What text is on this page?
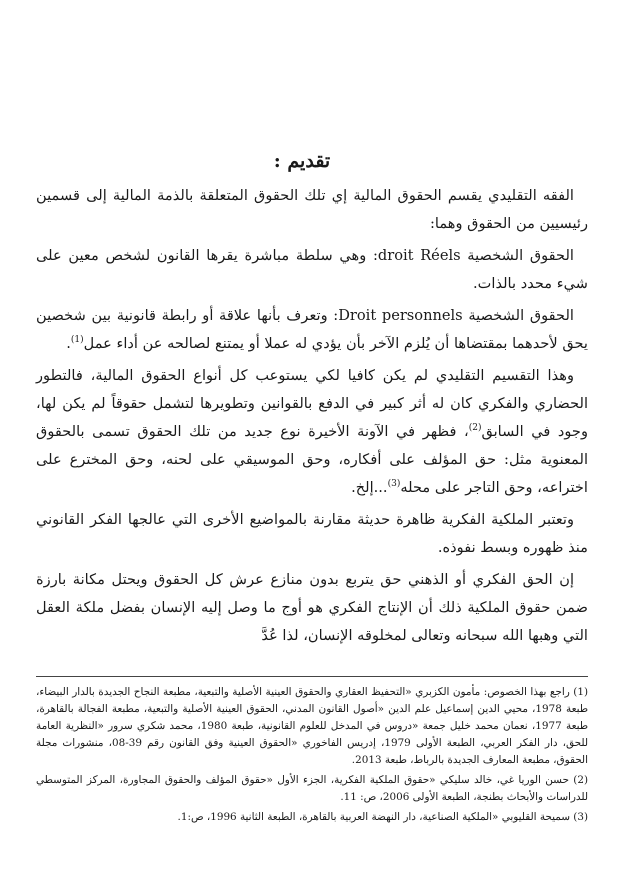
تقديم :

الفقه التقليدي يقسم الحقوق المالية إي تلك الحقوق المتعلقة بالذمة المالية إلى قسمين رئيسيين من الحقوق وهما:

الحقوق الشخصية droit Réels: وهي سلطة مباشرة يقرها القانون لشخص معين على شيء محدد بالذات.

الحقوق الشخصية Droit personnels: وتعرف بأنها علاقة أو رابطة قانونية بين شخصين يحق لأحدهما بمقتضاها أن يُلزم الآخر بأن يؤدي له عملا أو يمتنع لصالحه عن أداء عمل$^{(1)}$.

وهذا التقسيم التقليدي لم يكن كافيا لكي يستوعب كل أنواع الحقوق المالية، فالتطور الحضاري والفكري كان له أثر كبير في الدفع بالقوانين وتطويرها لتشمل حقوقاً لم يكن لها، وجود في السابق$^{(2)}$، فظهر في الآونة الأخيرة نوع جديد من تلك الحقوق تسمى بالحقوق المعنوية مثل: حق المؤلف على أفكاره، وحق الموسيقي على لحنه، وحق المخترع على اختراعه، وحق التاجر على محله$^{(3)}$...إلخ.

وتعتبر الملكية الفكرية ظاهرة حديثة مقارنة بالمواضيع الأخرى التي عالجها الفكر القانوني منذ ظهوره وبسط نفوذه.

إن الحق الفكري أو الذهني حق يتربع بدون منازع عرش كل الحقوق ويحتل مكانة بارزة ضمن حقوق الملكية ذلك أن الإنتاج الفكري هو أوج ما وصل إليه الإنسان بفضل ملكة العقل التي وهبها الله سبحانه وتعالى لمخلوقه الإنسان، لذا عُدَّ

(1) راجع بهذا الخصوص: مأمون الكزبري «التحفيظ العقاري والحقوق العينية الأصلية والتبعية، مطبعة النجاح الجديدة بالدار البيضاء، طبعة 1978، محيي الدين إسماعيل علم الدين «أصول القانون المدني، الحقوق العينية الأصلية والتبعية، مطبعة الفجالة بالقاهرة، طبعة 1977، نعمان محمد خليل جمعة «دروس في المدخل للعلوم القانونية، طبعة 1980، محمد شكري سرور «النظرية العامة للحق، دار الفكر العربي، الطبعة الأولى 1979، إدريس الفاخوري «الحقوق العينية وفق القانون رقم 39-08، منشورات مجلة الحقوق، مطبعة المعارف الجديدة بالرباط، طبعة 2013.

(2) حسن الوريا غي، خالد سليكي «حقوق الملكية الفكرية، الجزء الأول «حقوق المؤلف والحقوق المجاورة، المركز المتوسطي للدراسات والأبحاث بطنجة، الطبعة الأولى 2006، ص: 11.

(3) سميحة القليوبي «الملكية الصناعية، دار النهضة العربية بالقاهرة، الطبعة الثانية 1996، ص:1.
